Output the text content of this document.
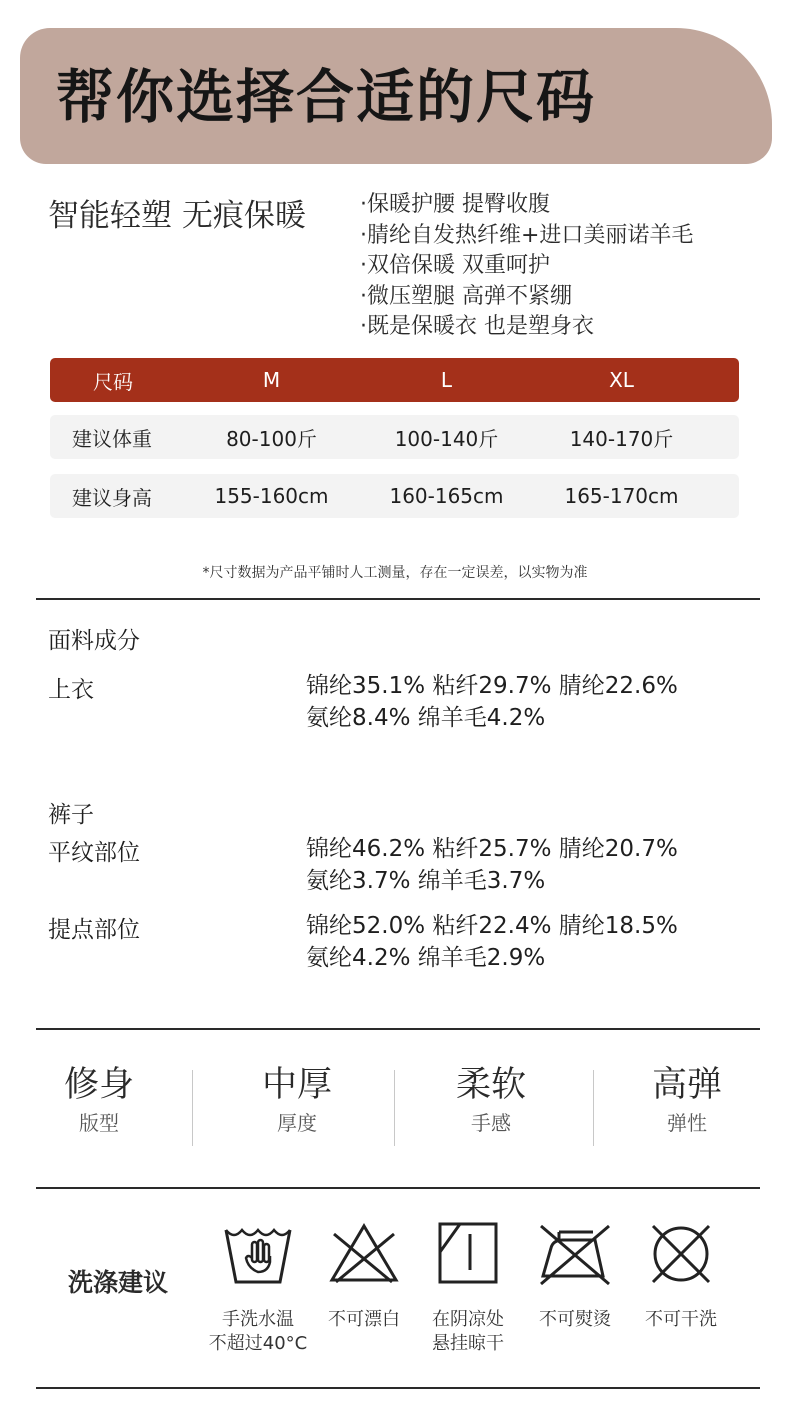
帮你选择合适的尺码
智能轻塑 无痕保暖 ·保暖护腰 提臀收腹
·腈纶自发热纤维+进口美丽诺羊毛
·双倍保暖 双重呵护
·微压塑腿 高弹不紧绷
·既是保暖衣 也是塑身衣
尺码	M	L	XL
建议体重	80-100斤	100-140斤	140-170斤
建议身高	155-160cm	160-165cm	165-170cm
*尺寸数据为产品平铺时人工测量，存在一定误差，以实物为准
面料成分
上衣	锦纶35.1% 粘纤29.7% 腈纶22.6%
氨纶8.4% 绵羊毛4.2%
裤子
平纹部位	锦纶46.2% 粘纤25.7% 腈纶20.7%
氨纶3.7% 绵羊毛3.7%
提点部位	锦纶52.0% 粘纤22.4% 腈纶18.5%
氨纶4.2% 绵羊毛2.9%
修身
版型
中厚
厚度
柔软
手感
高弹
弹性
洗涤建议
手洗水温
不超过40°C
不可漂白	在阴凉处
悬挂晾干
不可熨烫	不可干洗
